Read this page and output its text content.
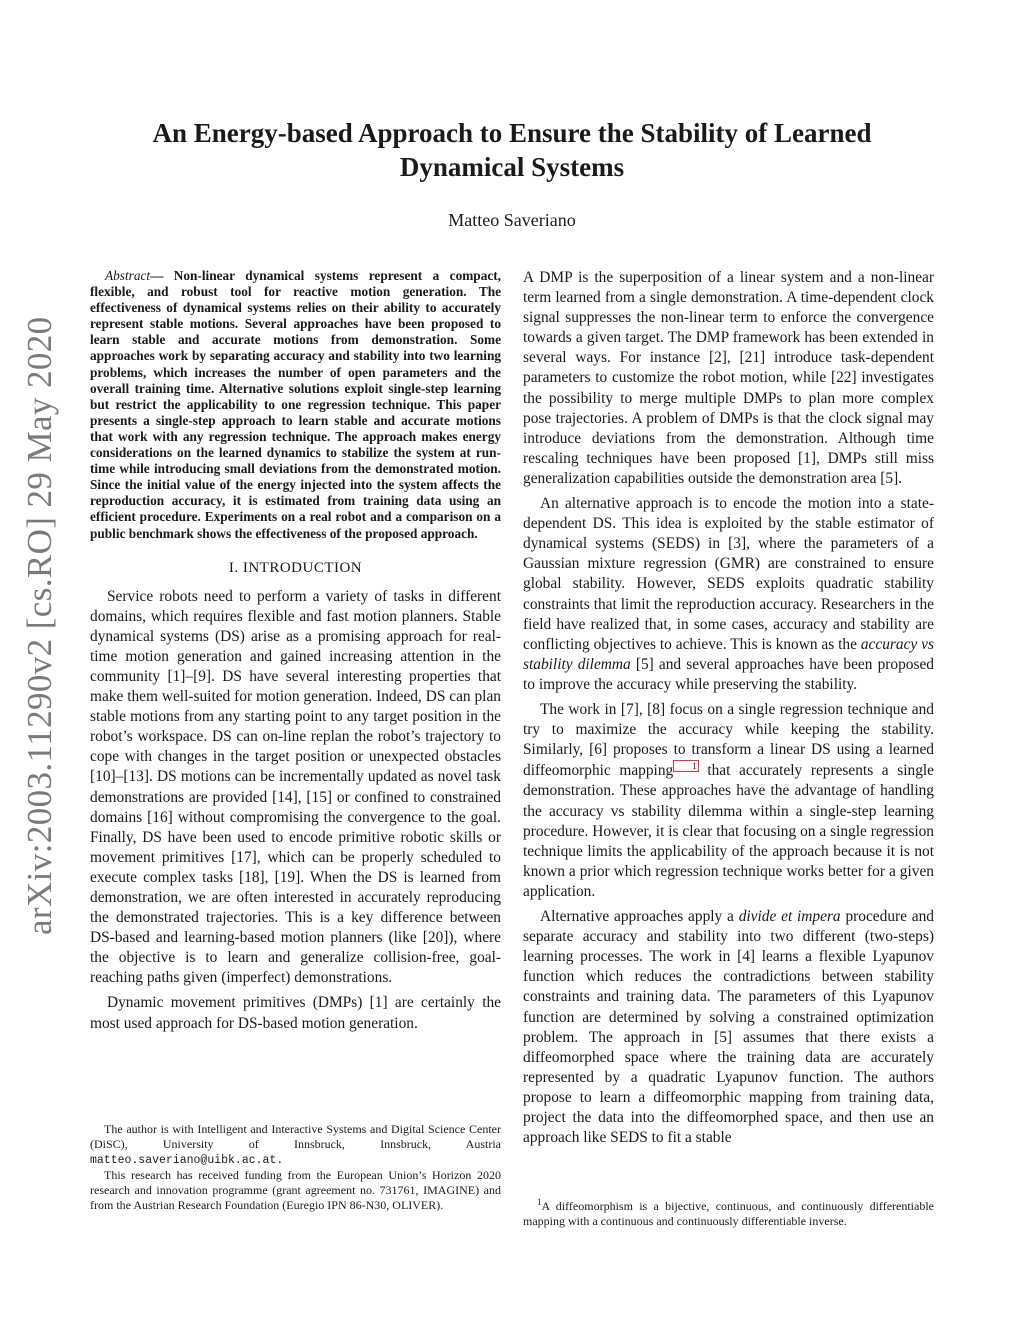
An Energy-based Approach to Ensure the Stability of Learned Dynamical Systems
Matteo Saveriano
arXiv:2003.11290v2 [cs.RO] 29 May 2020

Abstract— Non-linear dynamical systems represent a compact, flexible, and robust tool for reactive motion generation. The effectiveness of dynamical systems relies on their ability to accurately represent stable motions. Several approaches have been proposed to learn stable and accurate motions from demonstration. Some approaches work by separating accuracy and stability into two learning problems, which increases the number of open parameters and the overall training time. Alternative solutions exploit single-step learning but restrict the applicability to one regression technique. This paper presents a single-step approach to learn stable and accurate motions that work with any regression technique. The approach makes energy considerations on the learned dynamics to stabilize the system at run-time while introducing small deviations from the demonstrated motion. Since the initial value of the energy injected into the system affects the reproduction accuracy, it is estimated from training data using an efficient procedure. Experiments on a real robot and a comparison on a public benchmark shows the effectiveness of the proposed approach.

I. INTRODUCTION

Service robots need to perform a variety of tasks in different domains, which requires flexible and fast motion planners. Stable dynamical systems (DS) arise as a promising approach for real-time motion generation and gained increasing attention in the community [1]–[9]. DS have several interesting properties that make them well-suited for motion generation. Indeed, DS can plan stable motions from any starting point to any target position in the robot’s workspace. DS can on-line replan the robot’s trajectory to cope with changes in the target position or unexpected obstacles [10]–[13]. DS motions can be incrementally updated as novel task demonstrations are provided [14], [15] or confined to constrained domains [16] without compromising the convergence to the goal. Finally, DS have been used to encode primitive robotic skills or movement primitives [17], which can be properly scheduled to execute complex tasks [18], [19]. When the DS is learned from demonstration, we are often interested in accurately reproducing the demonstrated trajectories. This is a key difference between DS-based and learning-based motion planners (like [20]), where the objective is to learn and generalize collision-free, goal-reaching paths given (imperfect) demonstrations.

Dynamic movement primitives (DMPs) [1] are certainly the most used approach for DS-based motion generation.

The author is with Intelligent and Interactive Systems and Digital Science Center (DiSC), University of Innsbruck, Innsbruck, Austria matteo.saveriano@uibk.ac.at.

This research has received funding from the European Union’s Horizon 2020 research and innovation programme (grant agreement no. 731761, IMAGINE) and from the Austrian Research Foundation (Euregio IPN 86-N30, OLIVER).

A DMP is the superposition of a linear system and a non-linear term learned from a single demonstration. A time-dependent clock signal suppresses the non-linear term to enforce the convergence towards a given target. The DMP framework has been extended in several ways. For instance [2], [21] introduce task-dependent parameters to customize the robot motion, while [22] investigates the possibility to merge multiple DMPs to plan more complex pose trajectories. A problem of DMPs is that the clock signal may introduce deviations from the demonstration. Although time rescaling techniques have been proposed [1], DMPs still miss generalization capabilities outside the demonstration area [5].

An alternative approach is to encode the motion into a state-dependent DS. This idea is exploited by the stable estimator of dynamical systems (SEDS) in [3], where the parameters of a Gaussian mixture regression (GMR) are constrained to ensure global stability. However, SEDS exploits quadratic stability constraints that limit the reproduction accuracy. Researchers in the field have realized that, in some cases, accuracy and stability are conflicting objectives to achieve. This is known as the accuracy vs stability dilemma [5] and several approaches have been proposed to improve the accuracy while preserving the stability.

The work in [7], [8] focus on a single regression technique and try to maximize the accuracy while keeping the stability. Similarly, [6] proposes to transform a linear DS using a learned diffeomorphic mapping 1 that accurately represents a single demonstration. These approaches have the advantage of handling the accuracy vs stability dilemma within a single-step learning procedure. However, it is clear that focusing on a single regression technique limits the applicability of the approach because it is not known a prior which regression technique works better for a given application.

Alternative approaches apply a divide et impera procedure and separate accuracy and stability into two different (two-steps) learning processes. The work in [4] learns a flexible Lyapunov function which reduces the contradictions between stability constraints and training data. The parameters of this Lyapunov function are determined by solving a constrained optimization problem. The approach in [5] assumes that there exists a diffeomorphed space where the training data are accurately represented by a quadratic Lyapunov function. The authors propose to learn a diffeomorphic mapping from training data, project the data into the diffeomorphed space, and then use an approach like SEDS to fit a stable

$^1$A diffeomorphism is a bijective, continuous, and continuously differentiable mapping with a continuous and continuously differentiable inverse.
